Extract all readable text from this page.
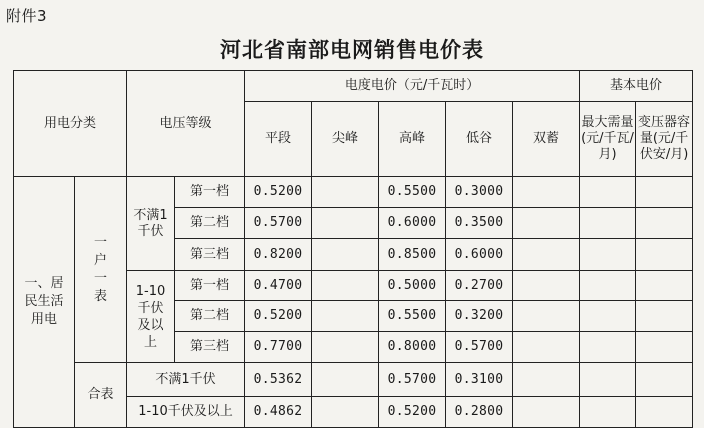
附件3
河北省南部电网销售电价表
用电分类		电压等级		电度电价（元/千瓦时）					基本电价	
				平段	尖峰	高峰	低谷	双蓄	最大需量(元/千瓦/月)	变压器容量(元/千伏安/月)

一、居民生活用电	一户一表	不满1千伏	第一档	0.5200		0.5500	0.3000			
			第二档	0.5700		0.6000	0.3500			
			第三档	0.8200		0.8500	0.6000			
		1-10千伏及以上	第一档	0.4700		0.5000	0.2700			
			第二档	0.5200		0.5500	0.3200			
			第三档	0.7700		0.8000	0.5700			
	合表	不满1千伏		0.5362		0.5700	0.3100			
		1-10千伏及以上		0.4862		0.5200	0.2800			
